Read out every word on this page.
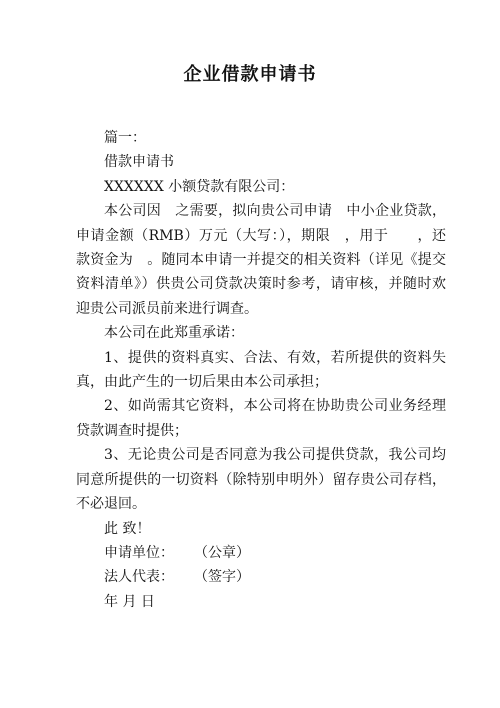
企业借款申请书
篇一：
借款申请书
XXXXXX 小额贷款有限公司：

本公司因　之需要，拟向贵公司申请　中小企业贷款，申请金额（RMB）万元（大写：），期限　，用于　　，还款资金为　。随同本申请一并提交的相关资料（详见《提交资料清单》）供贵公司贷款决策时参考，请审核，并随时欢迎贵公司派员前来进行调查。

本公司在此郑重承诺：

1、提供的资料真实、合法、有效，若所提供的资料失真，由此产生的一切后果由本公司承担；

2、如尚需其它资料，本公司将在协助贵公司业务经理贷款调查时提供；

3、无论贵公司是否同意为我公司提供贷款，我公司均同意所提供的一切资料（除特别申明外）留存贵公司存档，不必退回。

此 致！
申请单位： （公章）
法人代表： （签字）
年 月 日
